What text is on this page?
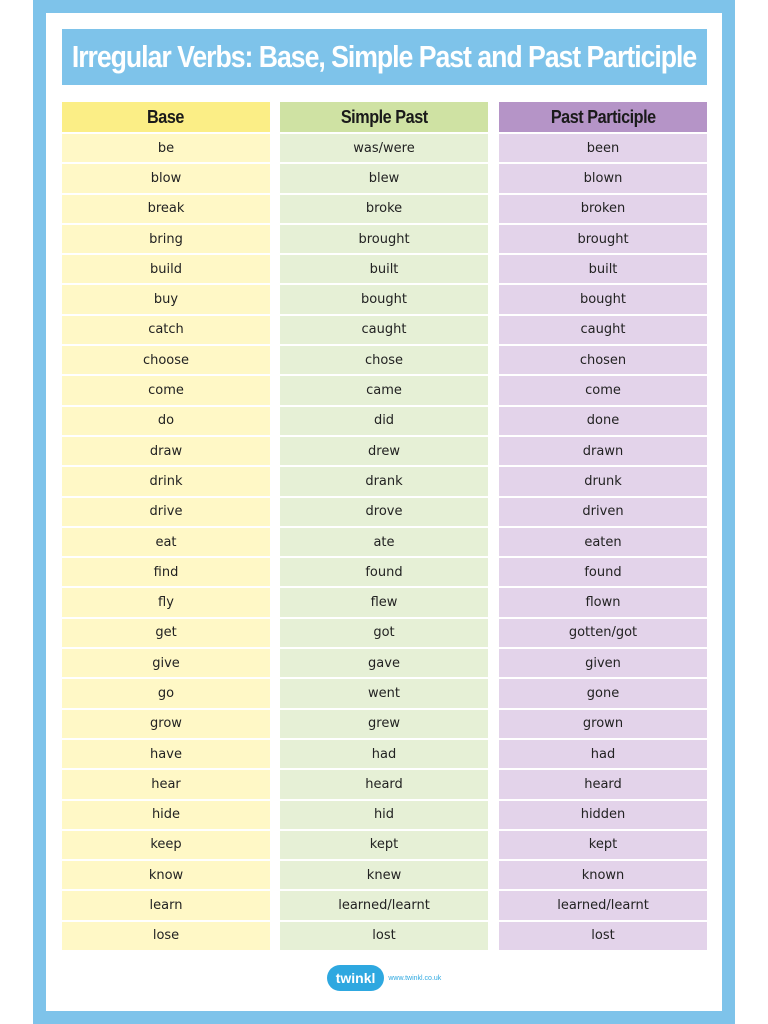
Irregular Verbs: Base, Simple Past and Past Participle
Base
be
blow
break
bring
build
buy
catch
choose
come
do
draw
drink
drive
eat
find
fly
get
give
go
grow
have
hear
hide
keep
know
learn
lose
Simple Past
was/were
blew
broke
brought
built
bought
caught
chose
came
did
drew
drank
drove
ate
found
flew
got
gave
went
grew
had
heard
hid
kept
knew
learned/learnt
lost
Past Participle
been
blown
broken
brought
built
bought
caught
chosen
come
done
drawn
drunk
driven
eaten
found
flown
gotten/got
given
gone
grown
had
heard
hidden
kept
known
learned/learnt
lost
twinkl www.twinkl.co.uk
